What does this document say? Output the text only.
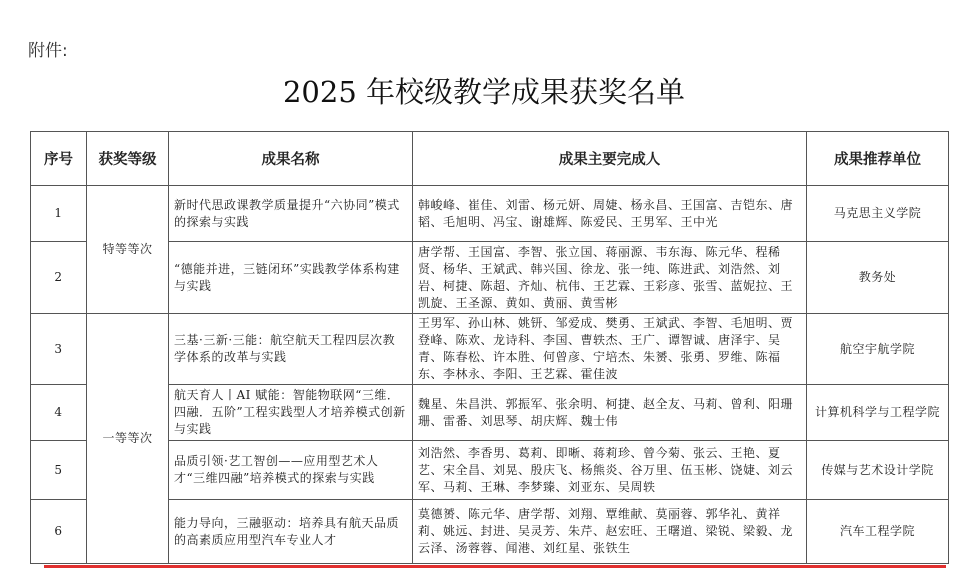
附件:
2025 年校级教学成果获奖名单
序号	获奖等级	成果名称	成果主要完成人	成果推荐单位
1	特等等次	新时代思政课教学质量提升“六协同”模式的探索与实践	韩峻峰、崔佳、刘雷、杨元妍、周婕、杨永昌、王国富、吉铠东、唐韬、毛旭明、冯宝、谢雄辉、陈爱民、王男军、王中光	马克思主义学院
2		“德能并进，三链闭环”实践教学体系构建与实践	唐学帮、王国富、李智、张立国、蒋丽源、韦东海、陈元华、程稀贤、杨华、王斌武、韩兴国、徐龙、张一纯、陈进武、刘浩然、刘岩、柯捷、陈超、齐灿、杭伟、王艺霖、王彩彦、张雪、蓝妮拉、王凯旋、王圣源、黄如、黄丽、黄雪彬	教务处
3	一等等次	三基·三新·三能：航空航天工程四层次教学体系的改革与实践	王男军、孙山林、姚钘、邹爱成、樊勇、王斌武、李智、毛旭明、贾登峰、陈欢、龙诗科、李国、曹轶杰、王广、谭智诚、唐泽宇、吴青、陈春松、许本胜、何曾彦、宁培杰、朱赟、张勇、罗维、陈福东、李林永、李阳、王艺霖、霍佳波	航空宇航学院
4		航天育人丨AI 赋能：智能物联网“三维．四融．五阶”工程实践型人才培养模式创新与实践	魏星、朱昌洪、郭振军、张余明、柯捷、赵全友、马莉、曾利、阳珊珊、雷番、刘思琴、胡庆辉、魏士伟	计算机科学与工程学院
5		品质引领·艺工智创——应用型艺术人才“三维四融”培养模式的探索与实践	刘浩然、李香男、葛莉、即晰、蒋莉珍、曾今菊、张云、王艳、夏艺、宋全昌、刘晃、殷庆飞、杨熊炎、谷万里、伍玉彬、饶婕、刘云军、马莉、王琳、李梦臻、刘亚东、吴周轶	传媒与艺术设计学院
6		能力导向，三融驱动：培养具有航天品质的高素质应用型汽车专业人才	莫德赟、陈元华、唐学帮、刘翔、覃维献、莫丽蓉、郭华礼、黄祥莉、姚远、封进、吴灵芳、朱芹、赵宏旺、王曙道、梁锐、梁毅、龙云泽、汤蓉蓉、闻港、刘红星、张铁生	汽车工程学院
